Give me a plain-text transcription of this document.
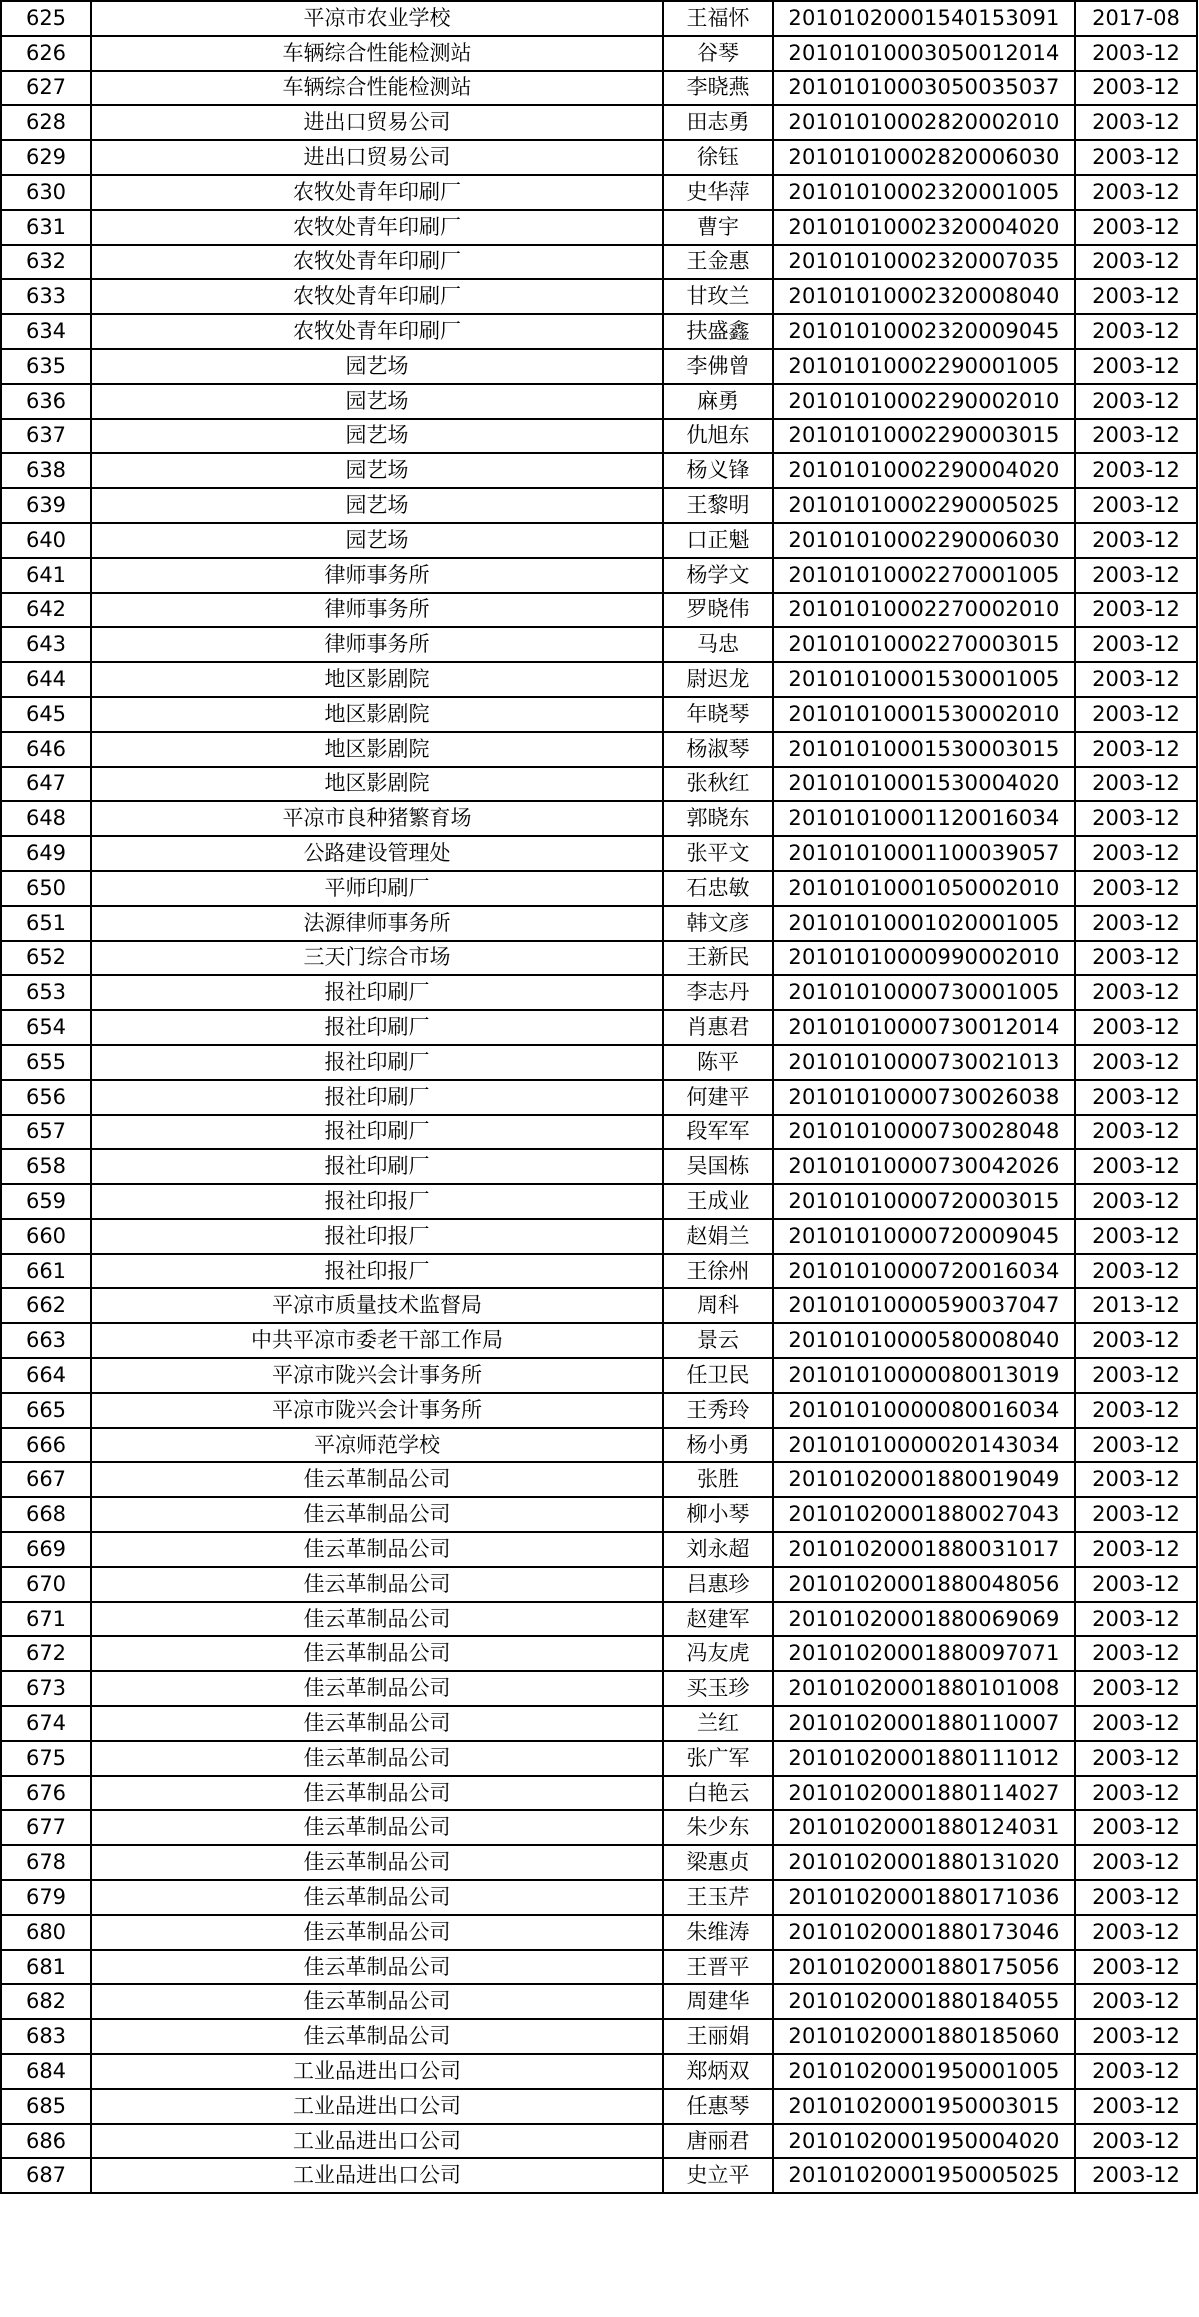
625	平凉市农业学校	王福怀	20101020001540153091	2017-08
626	车辆综合性能检测站	谷琴	20101010003050012014	2003-12
627	车辆综合性能检测站	李晓燕	20101010003050035037	2003-12
628	进出口贸易公司	田志勇	20101010002820002010	2003-12
629	进出口贸易公司	徐钰	20101010002820006030	2003-12
630	农牧处青年印刷厂	史华萍	20101010002320001005	2003-12
631	农牧处青年印刷厂	曹宇	20101010002320004020	2003-12
632	农牧处青年印刷厂	王金惠	20101010002320007035	2003-12
633	农牧处青年印刷厂	甘玫兰	20101010002320008040	2003-12
634	农牧处青年印刷厂	扶盛鑫	20101010002320009045	2003-12
635	园艺场	李佛曾	20101010002290001005	2003-12
636	园艺场	麻勇	20101010002290002010	2003-12
637	园艺场	仇旭东	20101010002290003015	2003-12
638	园艺场	杨义锋	20101010002290004020	2003-12
639	园艺场	王黎明	20101010002290005025	2003-12
640	园艺场	口正魁	20101010002290006030	2003-12
641	律师事务所	杨学文	20101010002270001005	2003-12
642	律师事务所	罗晓伟	20101010002270002010	2003-12
643	律师事务所	马忠	20101010002270003015	2003-12
644	地区影剧院	尉迟龙	20101010001530001005	2003-12
645	地区影剧院	年晓琴	20101010001530002010	2003-12
646	地区影剧院	杨淑琴	20101010001530003015	2003-12
647	地区影剧院	张秋红	20101010001530004020	2003-12
648	平凉市良种猪繁育场	郭晓东	20101010001120016034	2003-12
649	公路建设管理处	张平文	20101010001100039057	2003-12
650	平师印刷厂	石忠敏	20101010001050002010	2003-12
651	法源律师事务所	韩文彦	20101010001020001005	2003-12
652	三天门综合市场	王新民	20101010000990002010	2003-12
653	报社印刷厂	李志丹	20101010000730001005	2003-12
654	报社印刷厂	肖惠君	20101010000730012014	2003-12
655	报社印刷厂	陈平	20101010000730021013	2003-12
656	报社印刷厂	何建平	20101010000730026038	2003-12
657	报社印刷厂	段军军	20101010000730028048	2003-12
658	报社印刷厂	吴国栋	20101010000730042026	2003-12
659	报社印报厂	王成业	20101010000720003015	2003-12
660	报社印报厂	赵娟兰	20101010000720009045	2003-12
661	报社印报厂	王徐州	20101010000720016034	2003-12
662	平凉市质量技术监督局	周科	20101010000590037047	2013-12
663	中共平凉市委老干部工作局	景云	20101010000580008040	2003-12
664	平凉市陇兴会计事务所	任卫民	20101010000080013019	2003-12
665	平凉市陇兴会计事务所	王秀玲	20101010000080016034	2003-12
666	平凉师范学校	杨小勇	20101010000020143034	2003-12
667	佳云革制品公司	张胜	20101020001880019049	2003-12
668	佳云革制品公司	柳小琴	20101020001880027043	2003-12
669	佳云革制品公司	刘永超	20101020001880031017	2003-12
670	佳云革制品公司	吕惠珍	20101020001880048056	2003-12
671	佳云革制品公司	赵建军	20101020001880069069	2003-12
672	佳云革制品公司	冯友虎	20101020001880097071	2003-12
673	佳云革制品公司	买玉珍	20101020001880101008	2003-12
674	佳云革制品公司	兰红	20101020001880110007	2003-12
675	佳云革制品公司	张广军	20101020001880111012	2003-12
676	佳云革制品公司	白艳云	20101020001880114027	2003-12
677	佳云革制品公司	朱少东	20101020001880124031	2003-12
678	佳云革制品公司	梁惠贞	20101020001880131020	2003-12
679	佳云革制品公司	王玉芹	20101020001880171036	2003-12
680	佳云革制品公司	朱维涛	20101020001880173046	2003-12
681	佳云革制品公司	王晋平	20101020001880175056	2003-12
682	佳云革制品公司	周建华	20101020001880184055	2003-12
683	佳云革制品公司	王丽娟	20101020001880185060	2003-12
684	工业品进出口公司	郑炳双	20101020001950001005	2003-12
685	工业品进出口公司	任惠琴	20101020001950003015	2003-12
686	工业品进出口公司	唐丽君	20101020001950004020	2003-12
687	工业品进出口公司	史立平	20101020001950005025	2003-12
